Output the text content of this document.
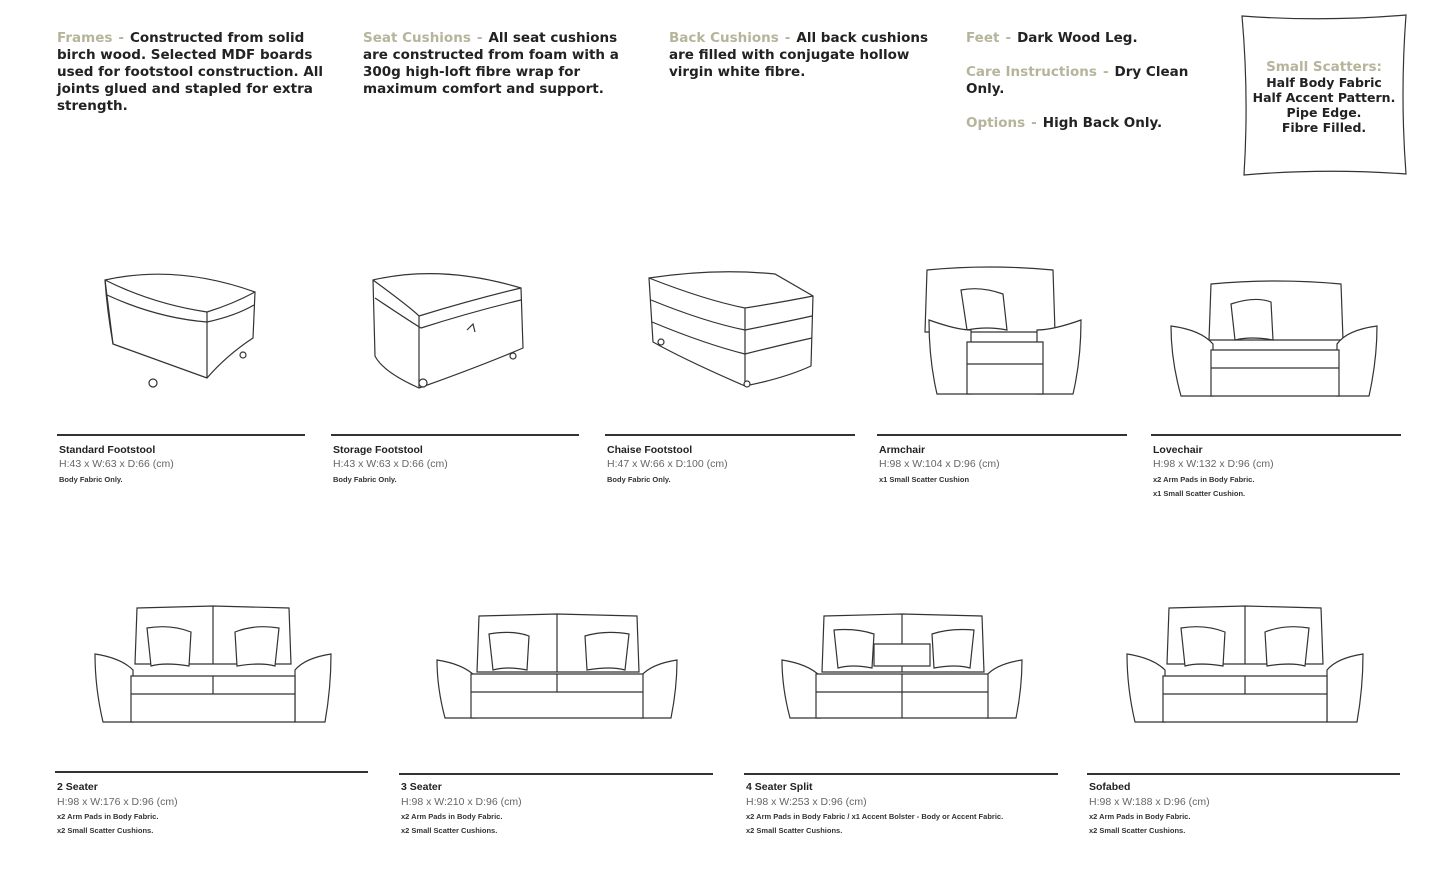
Frames - Constructed from solid birch wood. Selected MDF boards used for footstool construction. All joints glued and stapled for extra strength.
Seat Cushions - All seat cushions are constructed from foam with a 300g high-loft fibre wrap for maximum comfort and support.
Back Cushions - All back cushions are filled with conjugate hollow virgin white fibre.
Feet - Dark Wood Leg.
Care Instructions - Dry Clean Only.
Options - High Back Only.
Small Scatters:
Half Body Fabric
Half Accent Pattern.
Pipe Edge.
Fibre Filled.
Standard Footstool
H:43 x W:63 x D:66 (cm)
Body Fabric Only.
Storage Footstool
H:43 x W:63 x D:66 (cm)
Body Fabric Only.
Chaise Footstool
H:47 x W:66 x D:100 (cm)
Body Fabric Only.
Armchair
H:98 x W:104 x D:96 (cm)
x1 Small Scatter Cushion
Lovechair
H:98 x W:132 x D:96 (cm)
x2 Arm Pads in Body Fabric.
x1 Small Scatter Cushion.
2 Seater
H:98 x W:176 x D:96 (cm)
x2 Arm Pads in Body Fabric.
x2 Small Scatter Cushions.
3 Seater
H:98 x W:210 x D:96 (cm)
x2 Arm Pads in Body Fabric.
x2 Small Scatter Cushions.
4 Seater Split
H:98 x W:253 x D:96 (cm)
x2 Arm Pads in Body Fabric / x1 Accent Bolster - Body or Accent Fabric.
x2 Small Scatter Cushions.
Sofabed
H:98 x W:188 x D:96 (cm)
x2 Arm Pads in Body Fabric.
x2 Small Scatter Cushions.
